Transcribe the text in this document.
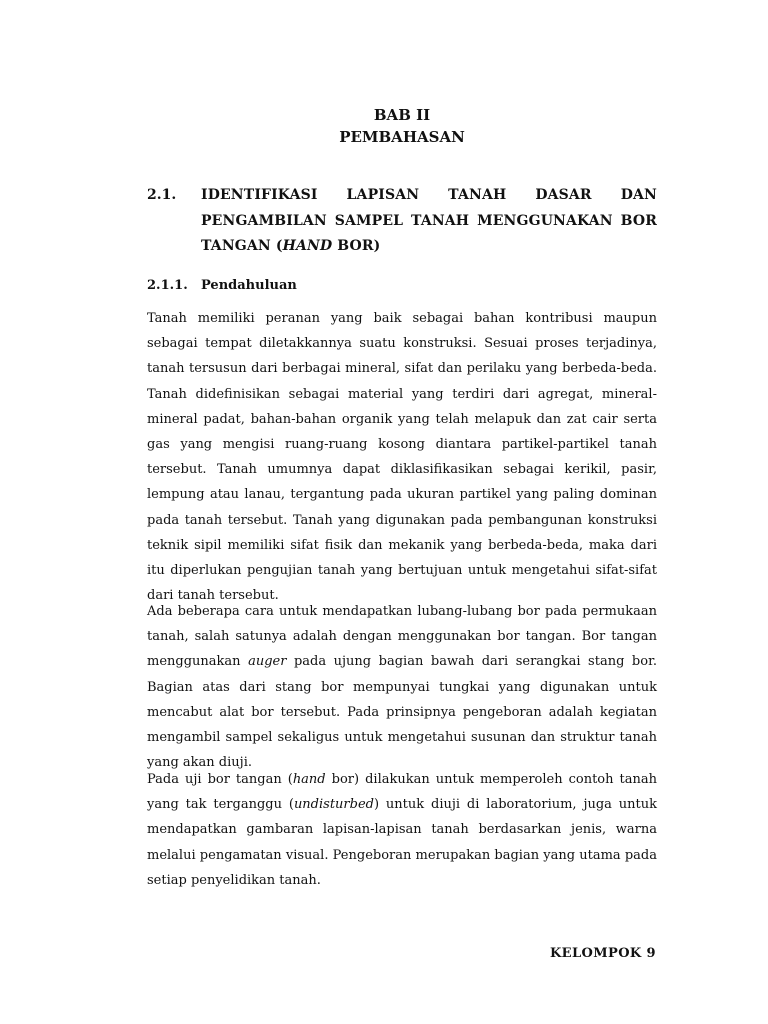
BAB II
PEMBAHASAN
2.1. IDENTIFIKASI LAPISAN TANAH DASAR DAN PENGAMBILAN SAMPEL TANAH MENGGUNAKAN BOR TANGAN (HAND BOR)
2.1.1. Pendahuluan

Tanah memiliki peranan yang baik sebagai bahan kontribusi maupun sebagai tempat diletakkannya suatu konstruksi. Sesuai proses terjadinya, tanah tersusun dari berbagai mineral, sifat dan perilaku yang berbeda-beda. Tanah didefinisikan sebagai material yang terdiri dari agregat, mineral-mineral padat, bahan-bahan organik yang telah melapuk dan zat cair serta gas yang mengisi ruang-ruang kosong diantara partikel-partikel tanah tersebut. Tanah umumnya dapat diklasifikasikan sebagai kerikil, pasir, lempung atau lanau, tergantung pada ukuran partikel yang paling dominan pada tanah tersebut. Tanah yang digunakan pada pembangunan konstruksi teknik sipil memiliki sifat fisik dan mekanik yang berbeda-beda, maka dari itu diperlukan pengujian tanah yang bertujuan untuk mengetahui sifat-sifat dari tanah tersebut.

Ada beberapa cara untuk mendapatkan lubang-lubang bor pada permukaan tanah, salah satunya adalah dengan menggunakan bor tangan. Bor tangan menggunakan auger pada ujung bagian bawah dari serangkai stang bor. Bagian atas dari stang bor mempunyai tungkai yang digunakan untuk mencabut alat bor tersebut. Pada prinsipnya pengeboran adalah kegiatan mengambil sampel sekaligus untuk mengetahui susunan dan struktur tanah yang akan diuji.

Pada uji bor tangan (hand bor) dilakukan untuk memperoleh contoh tanah yang tak terganggu (undisturbed) untuk diuji di laboratorium, juga untuk mendapatkan gambaran lapisan-lapisan tanah berdasarkan jenis, warna melalui pengamatan visual. Pengeboran merupakan bagian yang utama pada setiap penyelidikan tanah.

KELOMPOK 9
